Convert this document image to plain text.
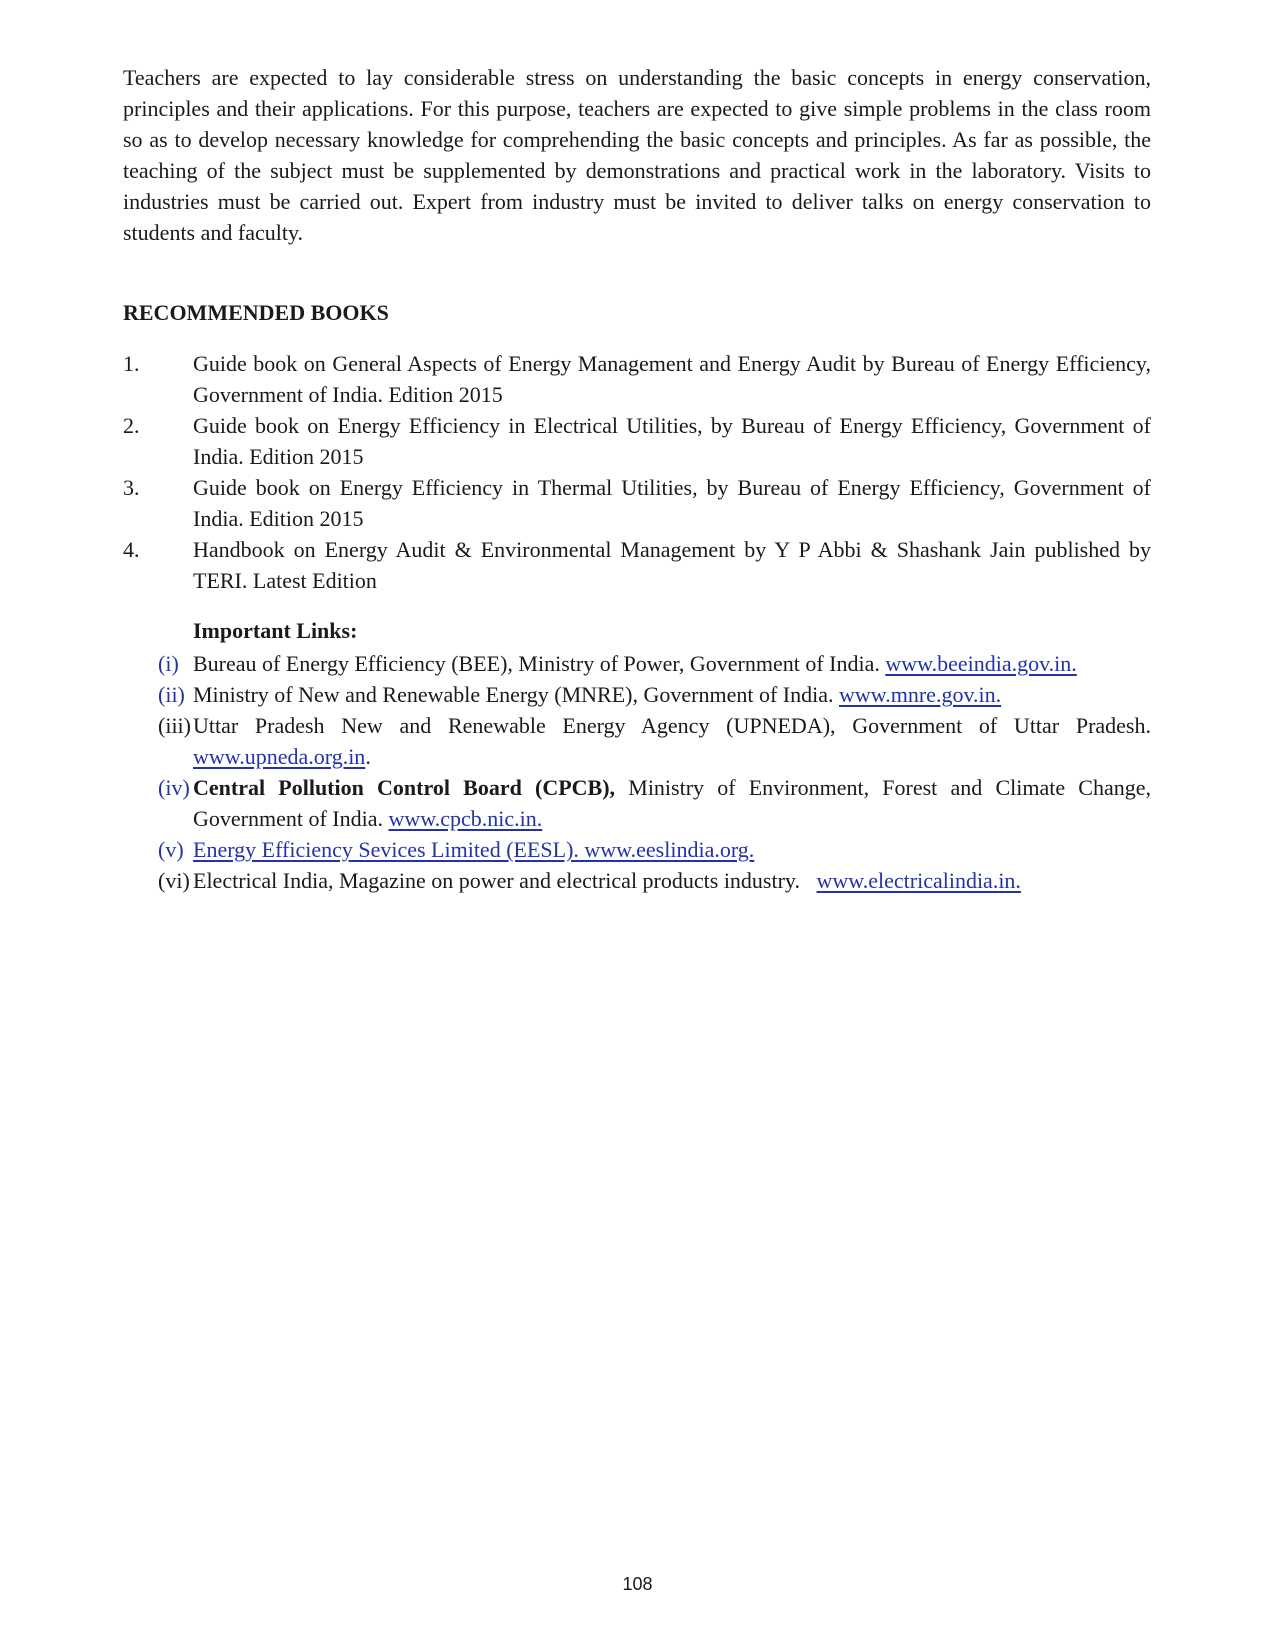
Teachers are expected to lay considerable stress on understanding the basic concepts in energy conservation, principles and their applications. For this purpose, teachers are expected to give simple problems in the class room so as to develop necessary knowledge for comprehending the basic concepts and principles. As far as possible, the teaching of the subject must be supplemented by demonstrations and practical work in the laboratory. Visits to industries must be carried out. Expert from industry must be invited to deliver talks on energy conservation to students and faculty.

RECOMMENDED BOOKS
1.	Guide book on General Aspects of Energy Management and Energy Audit by Bureau of Energy Efficiency, Government of India. Edition 2015
2.	Guide book on Energy Efficiency in Electrical Utilities, by Bureau of Energy Efficiency, Government of India. Edition 2015
3.	Guide book on Energy Efficiency in Thermal Utilities, by Bureau of Energy Efficiency, Government of India. Edition 2015
4.	Handbook on Energy Audit & Environmental Management by Y P Abbi & Shashank Jain published by TERI. Latest Edition
Important Links:
(i) Bureau of Energy Efficiency (BEE), Ministry of Power, Government of India. www.beeindia.gov.in.
(ii) Ministry of New and Renewable Energy (MNRE), Government of India. www.mnre.gov.in.
(iii) Uttar Pradesh New and Renewable Energy Agency (UPNEDA), Government of Uttar Pradesh. www.upneda.org.in.
(iv) Central Pollution Control Board (CPCB), Ministry of Environment, Forest and Climate Change, Government of India. www.cpcb.nic.in.
(v) Energy Efficiency Sevices Limited (EESL). www.eeslindia.org.
(vi) Electrical India, Magazine on power and electrical products industry.   www.electricalindia.in.
108
